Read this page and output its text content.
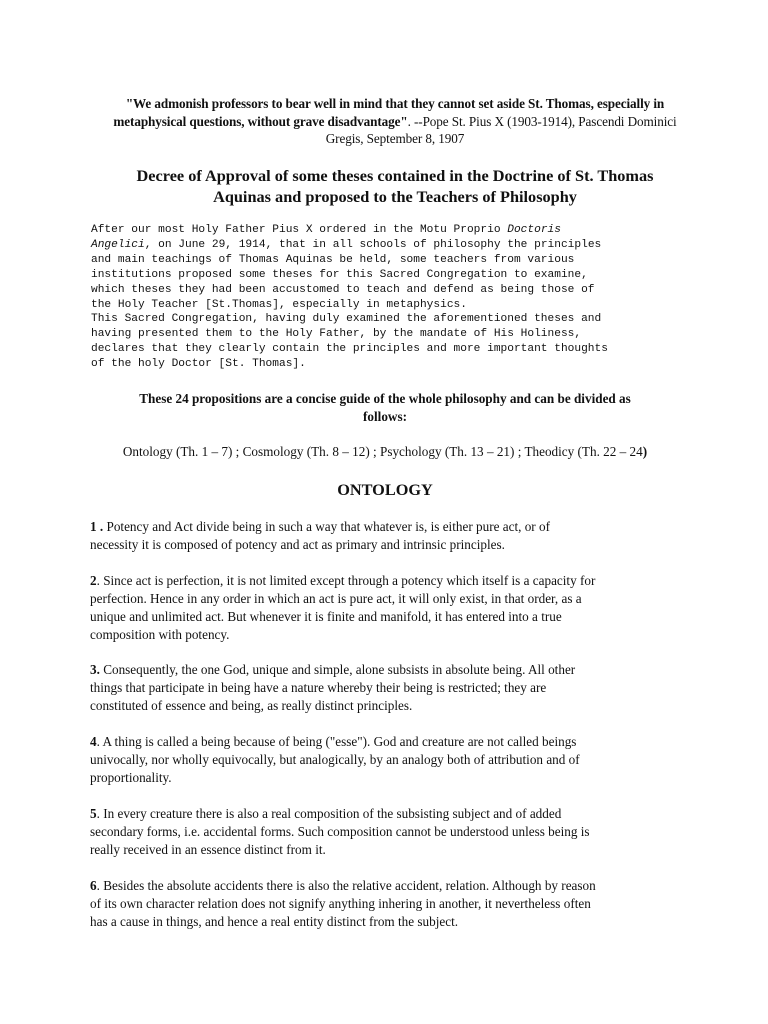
"We admonish professors to bear well in mind that they cannot set aside St. Thomas, especially in metaphysical questions, without grave disadvantage". --Pope St. Pius X (1903-1914), Pascendi Dominici Gregis, September 8, 1907
Decree of Approval of some theses contained in the Doctrine of St. Thomas
Aquinas and proposed to the Teachers of Philosophy
After our most Holy Father Pius X ordered in the Motu Proprio Doctoris
Angelici, on June 29, 1914, that in all schools of philosophy the principles
and main teachings of Thomas Aquinas be held, some teachers from various
institutions proposed some theses for this Sacred Congregation to examine,
which theses they had been accustomed to teach and defend as being those of
the Holy Teacher [St.Thomas], especially in metaphysics.
This Sacred Congregation, having duly examined the aforementioned theses and
having presented them to the Holy Father, by the mandate of His Holiness,
declares that they clearly contain the principles and more important thoughts
of the holy Doctor [St. Thomas].
These 24 propositions are a concise guide of the whole philosophy and can be divided as
follows:
Ontology (Th. 1 – 7) ; Cosmology (Th. 8 – 12) ; Psychology (Th. 13 – 21) ; Theodicy (Th. 22 – 24)
ONTOLOGY
1 . Potency and Act divide being in such a way that whatever is, is either pure act, or of
necessity it is composed of potency and act as primary and intrinsic principles.
2. Since act is perfection, it is not limited except through a potency which itself is a capacity for
perfection. Hence in any order in which an act is pure act, it will only exist, in that order, as a
unique and unlimited act. But whenever it is finite and manifold, it has entered into a true
composition with potency.
3. Consequently, the one God, unique and simple, alone subsists in absolute being. All other
things that participate in being have a nature whereby their being is restricted; they are
constituted of essence and being, as really distinct principles.
4. A thing is called a being because of being ("esse"). God and creature are not called beings
univocally, nor wholly equivocally, but analogically, by an analogy both of attribution and of
proportionality.
5. In every creature there is also a real composition of the subsisting subject and of added
secondary forms, i.e. accidental forms. Such composition cannot be understood unless being is
really received in an essence distinct from it.
6. Besides the absolute accidents there is also the relative accident, relation. Although by reason
of its own character relation does not signify anything inhering in another, it nevertheless often
has a cause in things, and hence a real entity distinct from the subject.
